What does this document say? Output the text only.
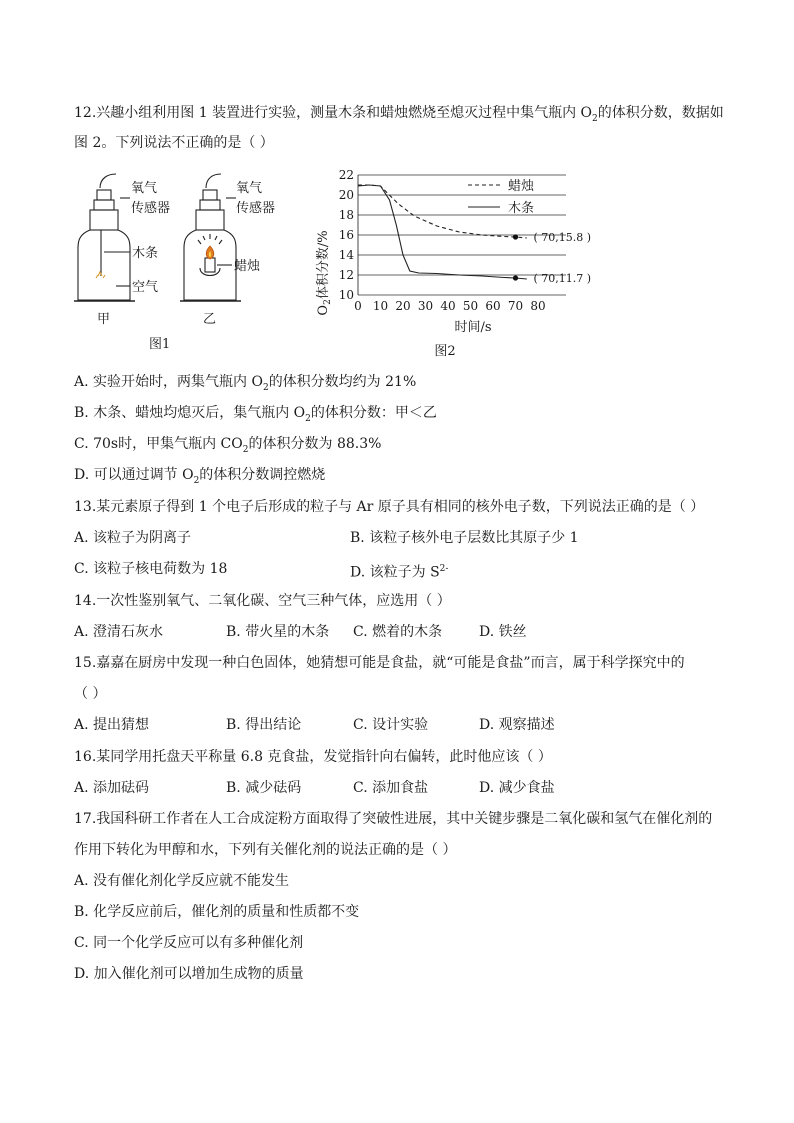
12.兴趣小组利用图 1 装置进行实验，测量木条和蜡烛燃烧至熄灭过程中集气瓶内 $O_2$的体积分数，数据如
图 2。下列说法不正确的是（ ）
氧气
传感器
氧气
传感器
木条
空气
蜡烛
甲	乙
图1
10
12
14
16
18
20
22
0 10 20 30 40 50 60 70 80
蜡烛
木条
( 70,15.8 )
( 70,11.7 )
$O_2$体积分数/%
时间/s
图2
A. 实验开始时，两集气瓶内 $O_2$的体积分数均约为 21%
B. 木条、蜡烛均熄灭后，集气瓶内 $O_2$的体积分数：甲＜乙
C. 70s时，甲集气瓶内 $CO_2$的体积分数为 88.3%
D. 可以通过调节 $O_2$的体积分数调控燃烧
13.某元素原子得到 1 个电子后形成的粒子与 Ar 原子具有相同的核外电子数，下列说法正确的是（ ）
A. 该粒子为阴离子	B. 该粒子核外电子层数比其原子少 1
C. 该粒子核电荷数为 18	D. 该粒子为 $S^{2-}$
14.一次性鉴别氧气、二氧化碳、空气三种气体，应选用（ ）
A. 澄清石灰水	B. 带火星的木条 C. 燃着的木条	D. 铁丝
15.嘉嘉在厨房中发现一种白色固体，她猜想可能是食盐，就“可能是食盐”而言，属于科学探究中的
（ ）
A. 提出猜想	B. 得出结论	C. 设计实验	D. 观察描述
16.某同学用托盘天平称量 6.8 克食盐，发觉指针向右偏转，此时他应该（ ）
A. 添加砝码	B. 减少砝码	C. 添加食盐	D. 减少食盐
17.我国科研工作者在人工合成淀粉方面取得了突破性进展，其中关键步骤是二氧化碳和氢气在催化剂的
作用下转化为甲醇和水，下列有关催化剂的说法正确的是（ ）
A. 没有催化剂化学反应就不能发生
B. 化学反应前后，催化剂的质量和性质都不变
C. 同一个化学反应可以有多种催化剂
D. 加入催化剂可以增加生成物的质量
